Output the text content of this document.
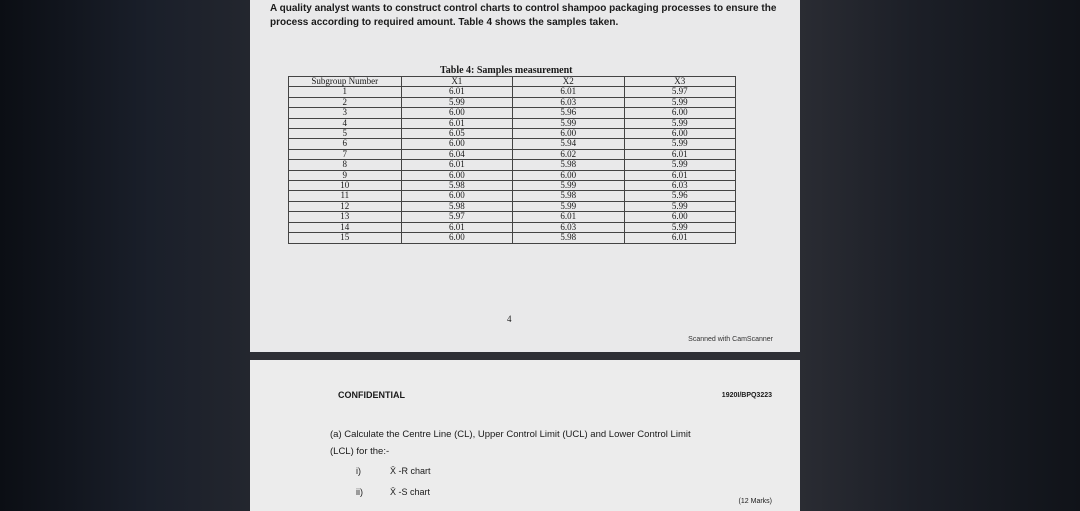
A quality analyst wants to construct control charts to control shampoo packaging processes to ensure the process according to required amount. Table 4 shows the samples taken.
Table 4: Samples measurement
Subgroup Number	X1	X2	X3
1	6.01	6.01	5.97
2	5.99	6.03	5.99
3	6.00	5.96	6.00
4	6.01	5.99	5.99
5	6.05	6.00	6.00
6	6.00	5.94	5.99
7	6.04	6.02	6.01
8	6.01	5.98	5.99
9	6.00	6.00	6.01
10	5.98	5.99	6.03
11	6.00	5.98	5.96
12	5.98	5.99	5.99
13	5.97	6.01	6.00
14	6.01	6.03	5.99
15	6.00	5.98	6.01
4
Scanned with CamScanner
CONFIDENTIAL	1920I/BPQ3223
(a) Calculate the Centre Line (CL), Upper Control Limit (UCL) and Lower Control Limit
(LCL) for the:-
i)	X̄ -R chart
ii)	X̄ -S chart
(12 Marks)
